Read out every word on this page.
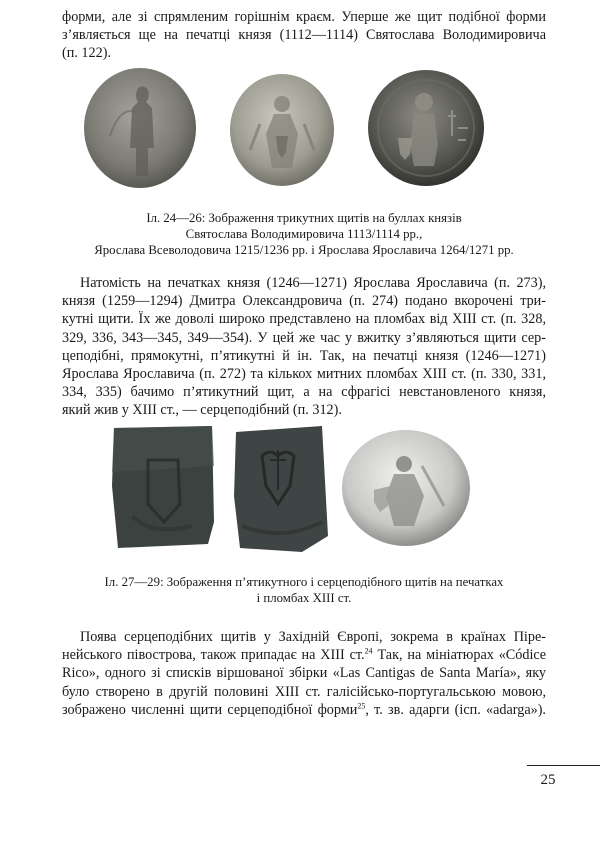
форми, але зі спрямленим горішнім краєм. Уперше же щит подібної форми
з’являється ще на печатці князя (1112—1114) Святослава Володимировича
(п. 122).

Іл. 24—26: Зображення трикутних щитів на буллах князів
Святослава Володимировича 1113/1114 рр.,
Ярослава Всеволодовича 1215/1236 рр. і Ярослава Ярославича 1264/1271 рр.

Натомість на печатках князя (1246—1271) Ярослава Ярославича (п. 273),
князя (1259—1294) Дмитра Олександровича (п. 274) подано вкорочені три-
кутні щити. Їх же доволі широко представлено на пломбах від ХІІІ ст. (п. 328,
329, 336, 343—345, 349—354). У цей же час у вжитку з’являються щити сер-
цеподібні, прямокутні, п’ятикутні й ін. Так, на печатці князя (1246—1271)
Ярослава Ярославича (п. 272) та кількох митних пломбах ХІІІ ст. (п. 330, 331,
334, 335) бачимо п’ятикутний щит, а на сфрагісі невстановленого князя,
який жив у ХІІІ ст., — серцеподібний (п. 312).

Іл. 27—29: Зображення п’ятикутного і серцеподібного щитів на печатках
і пломбах ХІІІ ст.

Поява серцеподібних щитів у Західній Європі, зокрема в країнах Піре-
нейського півострова, також припадає на ХІІІ ст.$^{24}$ Так, на мініатюрах «Códice
Rico», одного зі списків віршованої збірки «Las Cantigas de Santa María», яку
було створено в другій половині ХІІІ ст. галісійсько-португальською мовою,
зображено численні щити серцеподібної форми$^{25}$, т. зв. адарги (ісп. «adarga»).

25
